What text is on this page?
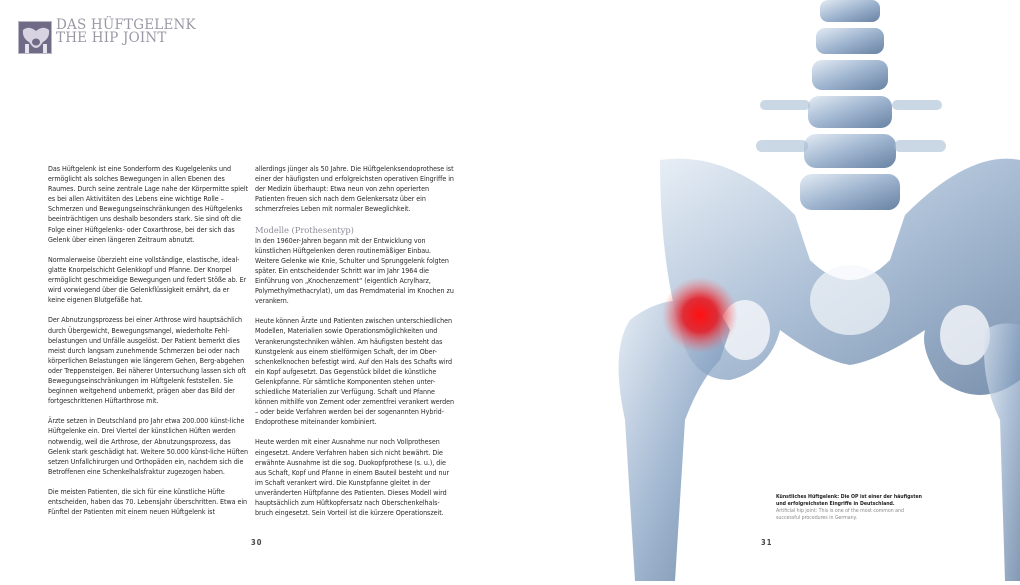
DAS HÜFTGELENK
THE HIP JOINT

Das Hüftgelenk ist eine Sonderform des Kugelgelenks und ermöglicht als solches Bewegungen in allen Ebenen des Raumes. Durch seine zentrale Lage nahe der Körpermitte spielt es bei allen Aktivitäten des Lebens eine wichtige Rolle – Schmerzen und Bewegungseinschränkungen des Hüftgelenks beeinträchtigen uns deshalb besonders stark. Sie sind oft die Folge einer Hüftgelenks- oder Coxarthrose, bei der sich das Gelenk über einen längeren Zeitraum abnutzt.

Normalerweise überzieht eine vollständige, elastische, ideal-glatte Knorpelschicht Gelenkkopf und Pfanne. Der Knorpel ermöglicht geschmeidige Bewegungen und federt Stöße ab. Er wird vorwiegend über die Gelenkflüssigkeit ernährt, da er keine eigenen Blutgefäße hat.

Der Abnutzungsprozess bei einer Arthrose wird hauptsächlich durch Übergewicht, Bewegungsmangel, wiederholte Fehl-belastungen und Unfälle ausgelöst. Der Patient bemerkt dies meist durch langsam zunehmende Schmerzen bei oder nach körperlichen Belastungen wie längerem Gehen, Berg-abgehen oder Treppensteigen. Bei näherer Untersuchung lassen sich oft Bewegungseinschränkungen im Hüftgelenk feststellen. Sie beginnen weitgehend unbemerkt, prägen aber das Bild der fortgeschrittenen Hüftarthrose mit.

Ärzte setzen in Deutschland pro Jahr etwa 200.000 künst-liche Hüftgelenke ein. Drei Viertel der künstlichen Hüften werden notwendig, weil die Arthrose, der Abnutzungsprozess, das Gelenk stark geschädigt hat. Weitere 50.000 künst-liche Hüften setzen Unfallchirurgen und Orthopäden ein, nachdem sich die Betroffenen eine Schenkelhalsfraktur zugezogen haben.

Die meisten Patienten, die sich für eine künstliche Hüfte entscheiden, haben das 70. Lebensjahr überschritten. Etwa ein Fünftel der Patienten mit einem neuen Hüftgelenk ist

allerdings jünger als 50 Jahre. Die Hüftgelenksendoprothese ist einer der häufigsten und erfolgreichsten operativen Eingriffe in der Medizin überhaupt: Etwa neun von zehn operierten Patienten freuen sich nach dem Gelenkersatz über ein schmerzfreies Leben mit normaler Beweglichkeit.

Modelle (Prothesentyp)

In den 1960er-Jahren begann mit der Entwicklung von künstlichen Hüftgelenken deren routinemäßiger Einbau. Weitere Gelenke wie Knie, Schulter und Sprunggelenk folgten später. Ein entscheidender Schritt war im Jahr 1964 die Einführung von „Knochenzement“ (eigentlich Acrylharz, Polymethylmethacrylat), um das Fremdmaterial im Knochen zu verankern.

Heute können Ärzte und Patienten zwischen unterschiedlichen Modellen, Materialien sowie Operationsmöglichkeiten und Verankerungstechniken wählen. Am häufigsten besteht das Kunstgelenk aus einem stielförmigen Schaft, der im Ober-schenkelknochen befestigt wird. Auf den Hals des Schafts wird ein Kopf aufgesetzt. Das Gegenstück bildet die künstliche Gelenkpfanne. Für sämtliche Komponenten stehen unter-schiedliche Materialien zur Verfügung. Schaft und Pfanne können mithilfe von Zement oder zementfrei verankert werden – oder beide Verfahren werden bei der sogenannten Hybrid-Endoprothese miteinander kombiniert.

Heute werden mit einer Ausnahme nur noch Vollprothesen eingesetzt. Andere Verfahren haben sich nicht bewährt. Die erwähnte Ausnahme ist die sog. Duokopfprothese (s. u.), die aus Schaft, Kopf und Pfanne in einem Bauteil besteht und nur im Schaft verankert wird. Die Kunstpfanne gleitet in der unveränderten Hüftpfanne des Patienten. Dieses Modell wird hauptsächlich zum Hüftkopfersatz nach Oberschenkelhals-bruch eingesetzt. Sein Vorteil ist die kürzere Operationszeit.

30
Künstliches Hüftgelenk: Die OP ist einer der häufigsten und erfolgreichsten Eingriffe in Deutschland.
Artificial hip joint: This is one of the most common and successful procedures in Germany.
31
